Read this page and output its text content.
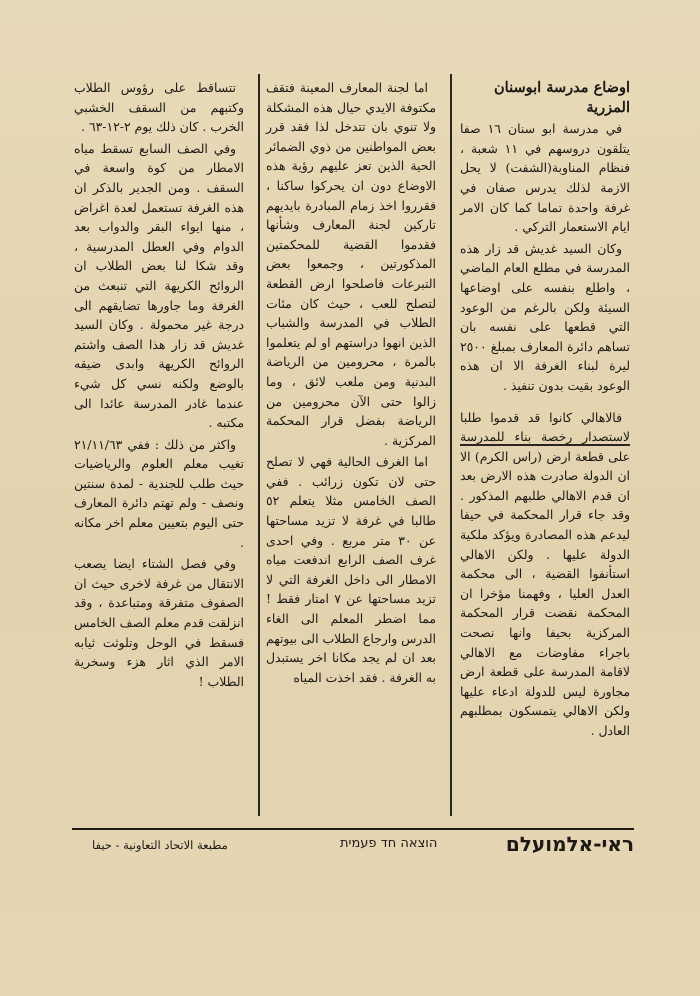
اوضاع مدرسة ابوسنان المزرية

في مدرسة ابو سنان ١٦ صفا يتلقون دروسهم في ١١ شعبة ، فنظام المناوبة(الشفت) لا يحل الازمة لذلك يدرس صفان في غرفة واحدة تماما كما كان الامر ايام الاستعمار التركي .

وكان السيد غديش قد زار هذه المدرسة في مطلع العام الماضي ، واطلع بنفسه على اوضاعها السيئة ولكن بالرغم من الوعود التي قطعها على نفسه بان تساهم دائرة المعارف بمبلغ ٢٥٠٠ ليرة لبناء الغرفة الا ان هذه الوعود بقيت بدون تنفيذ .

فالاهالي كانوا قد قدموا طلبا لاستصدار رخصة بناء للمدرسة على قطعة ارض (راس الكرم) الا ان الدولة صادرت هذه الارض بعد ان قدم الاهالي طلبهم المذكور . وقد جاء قرار المحكمة في حيفا ليدعم هذه المصادرة ويؤكد ملكية الدولة عليها . ولكن الاهالي استأنفوا القضية ، الى محكمة العدل العليا ، وفهمنا مؤخرا ان المحكمة نقضت قرار المحكمة المركزية بحيفا وانها نصحت باجراء مفاوضات مع الاهالي لاقامة المدرسة على قطعة ارض مجاورة ليس للدولة ادعاء عليها ولكن الاهالي يتمسكون بمطلبهم العادل .

اما لجنة المعارف المعينة فتقف مكتوفة الايدي حيال هذه المشكلة ولا تنوي بان تتدخل لذا فقد قرر بعض المواطنين من ذوي الضمائر الحية الذين تعز عليهم رؤية هذه الاوضاع دون ان يحركوا ساكنا ، فقرروا اخذ زمام المبادرة بايديهم تاركين لجنة المعارف وشأنها فقدموا القضية للمحكمتين المذكورتين ، وجمعوا بعض التبرعات فاصلحوا ارض القطعة لتصلح للعب ، حيث كان مئات الطلاب في المدرسة والشباب الذين انهوا دراستهم او لم يتعلموا بالمرة ، محرومين من الرياضة البدنية ومن ملعب لائق ، وما زالوا حتى الآن محرومين من الرياضة بفضل قرار المحكمة المركزية .

اما الغرف الحالية فهي لا تصلح حتى لان تكون زرائب . ففي الصف الخامس مثلا يتعلم ٥٢ طالبا في غرفة لا تزيد مساحتها عن ٣٠ متر مربع . وفي احدى غرف الصف الرابع اندفعت مياه الامطار الى داخل الغرفة التي لا تزيد مساحتها عن ٧ امتار فقط ! مما اضطر المعلم الى الغاء الدرس وارجاع الطلاب الى بيوتهم بعد ان لم يجد مكانا اخر يستبدل به الغرفة . فقد اخذت المياه

تتساقط على رؤوس الطلاب وكتبهم من السقف الخشبي الخرب . كان ذلك يوم ٢-١٢-٦٣ .

وفي الصف السابع تسقط مياه الامطار من كوة واسعة في السقف . ومن الجدير بالذكر ان هذه الغرفة تستعمل لعدة اغراض ، منها ايواء البقر والدواب بعد الدوام وفي العطل المدرسية ، وقد شكا لنا بعض الطلاب ان الروائح الكريهة التي تنبعث من الغرفة وما جاورها تضايقهم الى درجة غير محمولة . وكان السيد غديش قد زار هذا الصف واشتم الروائح الكريهة وابدى ضيقه بالوضع ولكنه نسي كل شيء عندما غادر المدرسة عائدا الى مكتبه .

واكثر من ذلك : ففي ٢١/١١/٦٣ تغيب معلم العلوم والرياضيات حيث طلب للجندية - لمدة سنتين ونصف - ولم تهتم دائرة المعارف حتى اليوم بتعيين معلم اخر مكانه .

وفي فصل الشتاء ايضا يصعب الانتقال من غرفة لاخرى حيث ان الصفوف متفرقة ومتباعدة ، وقد انزلقت قدم معلم الصف الخامس فسقط في الوحل وتلوثت ثيابه الامر الذي اثار هزء وسخرية الطلاب !

ראי-אלמועלם
הוצאה חד פעמית
مطبعة الاتحاد التعاونية - حيفا
